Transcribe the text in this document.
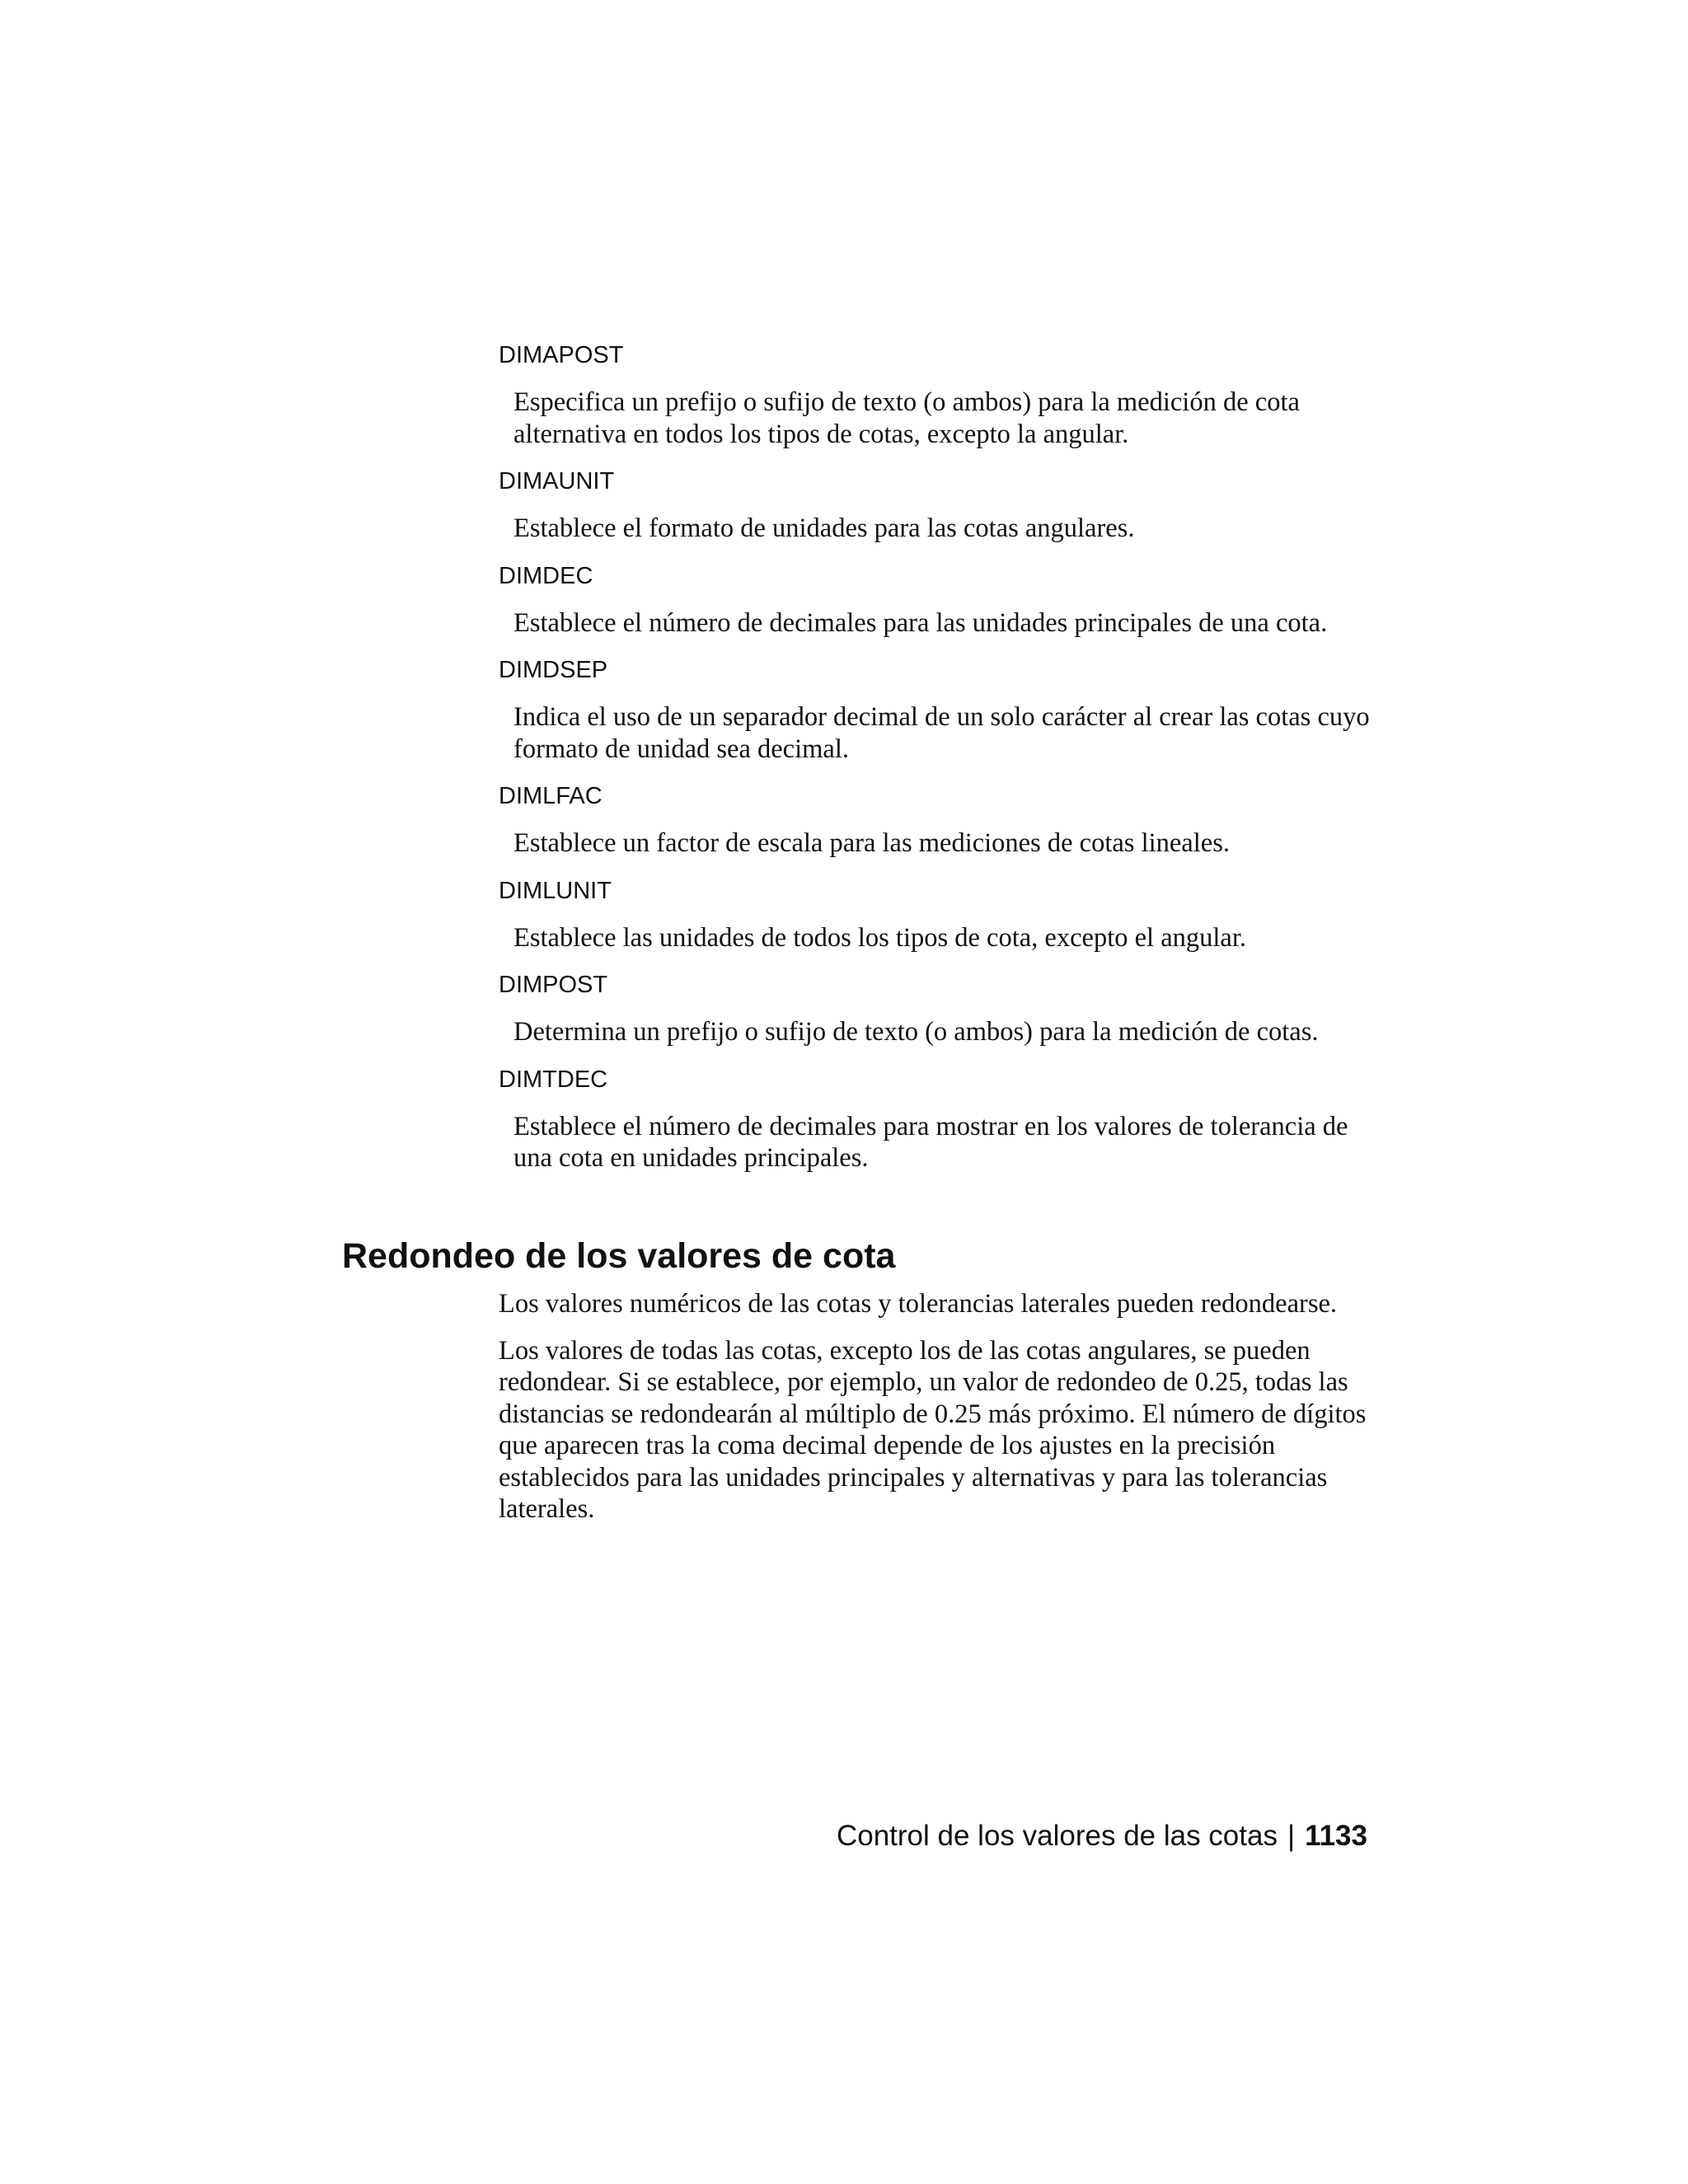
DIMAPOST
Especifica un prefijo o sufijo de texto (o ambos) para la medición de cota alternativa en todos los tipos de cotas, excepto la angular.
DIMAUNIT
Establece el formato de unidades para las cotas angulares.
DIMDEC
Establece el número de decimales para las unidades principales de una cota.
DIMDSEP
Indica el uso de un separador decimal de un solo carácter al crear las cotas cuyo formato de unidad sea decimal.
DIMLFAC
Establece un factor de escala para las mediciones de cotas lineales.
DIMLUNIT
Establece las unidades de todos los tipos de cota, excepto el angular.
DIMPOST
Determina un prefijo o sufijo de texto (o ambos) para la medición de cotas.
DIMTDEC
Establece el número de decimales para mostrar en los valores de tolerancia de una cota en unidades principales.
Redondeo de los valores de cota

Los valores numéricos de las cotas y tolerancias laterales pueden redondearse.

Los valores de todas las cotas, excepto los de las cotas angulares, se pueden redondear. Si se establece, por ejemplo, un valor de redondeo de 0.25, todas las distancias se redondearán al múltiplo de 0.25 más próximo. El número de dígitos que aparecen tras la coma decimal depende de los ajustes en la precisión establecidos para las unidades principales y alternativas y para las tolerancias laterales.

Control de los valores de las cotas | 1133
